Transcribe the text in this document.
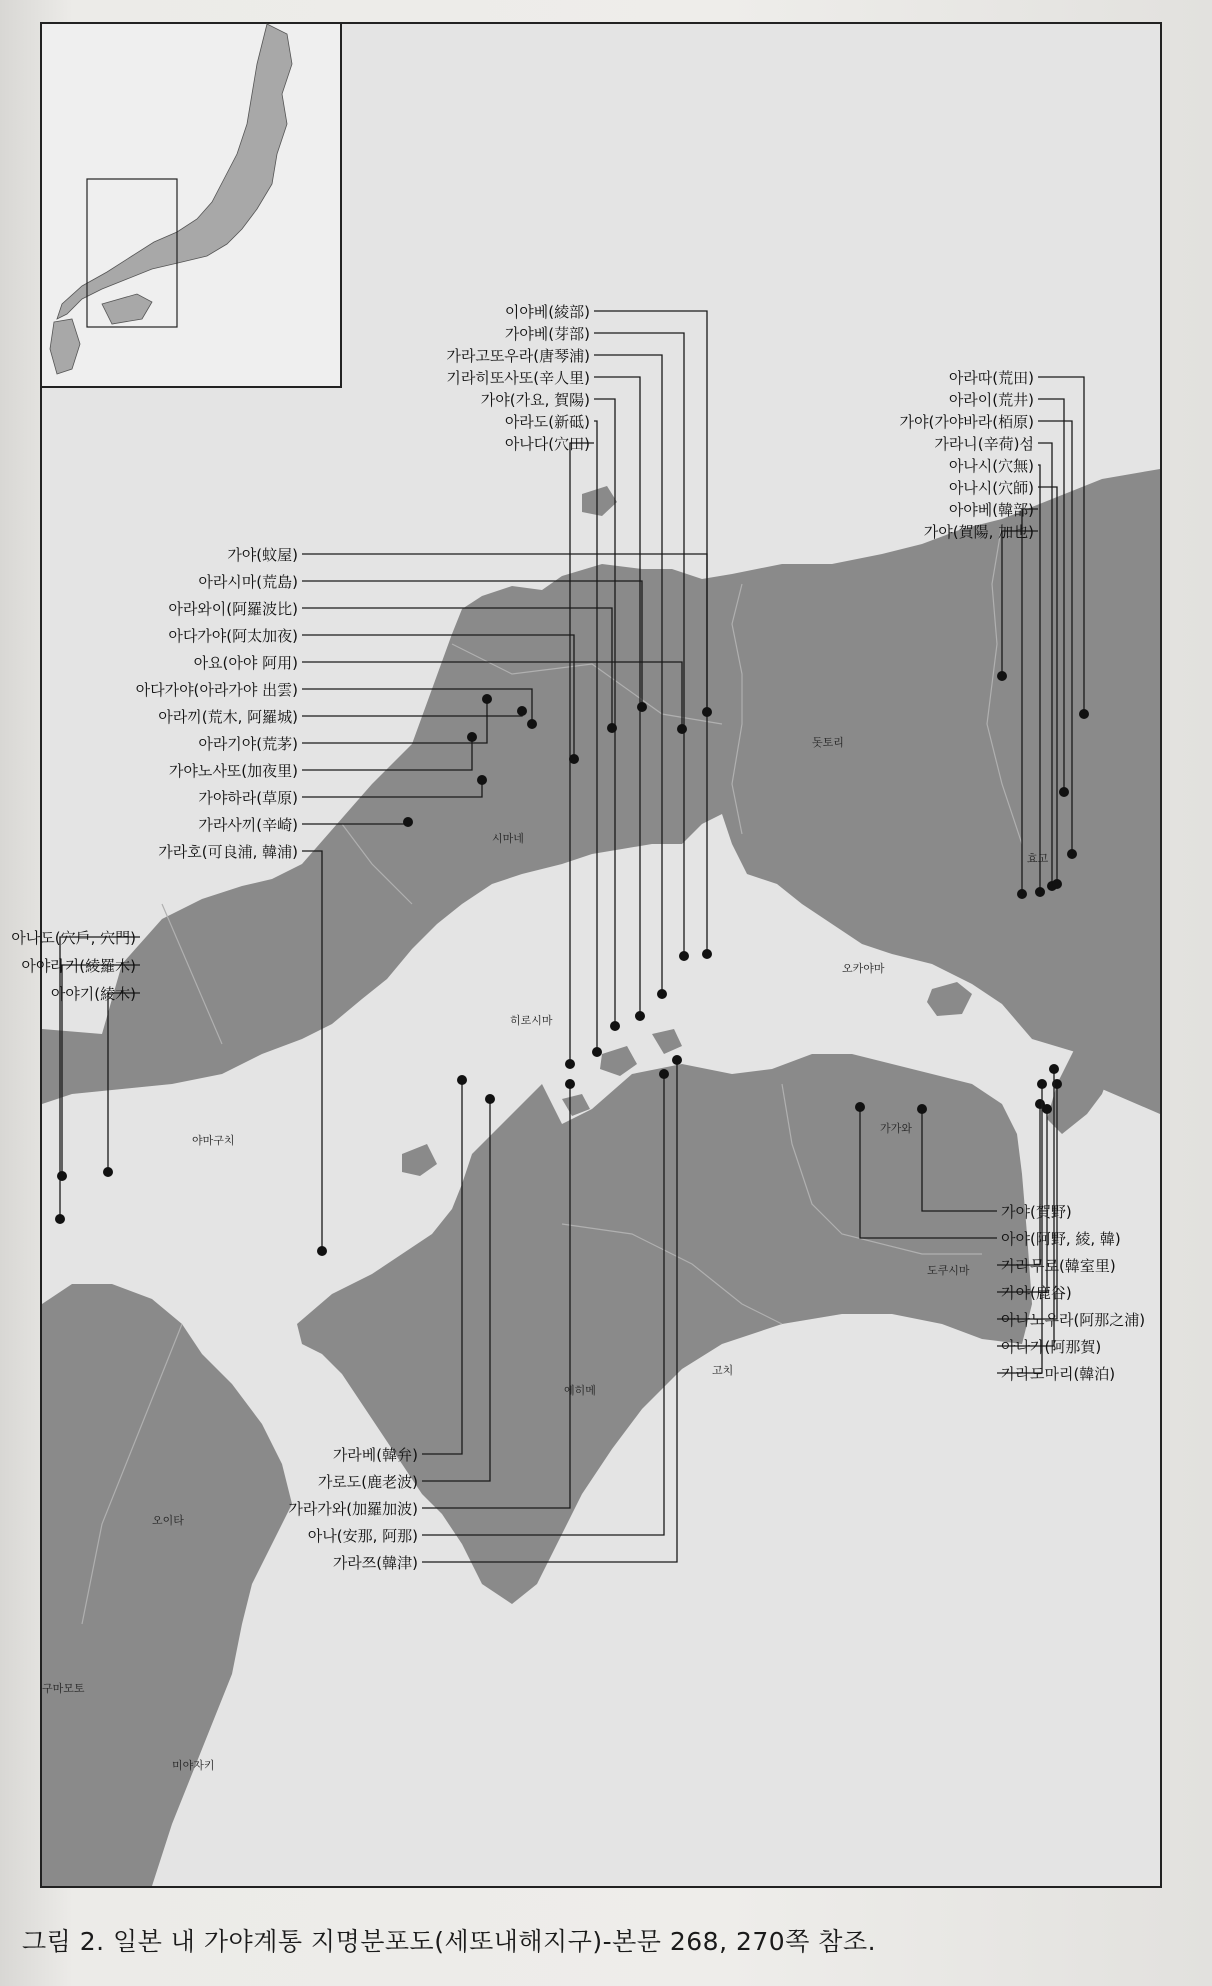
시마네
돗토리
효고
히로시마
오카야마
야마구치
가가와
도쿠시마
에히메
고치
오이타
미야자키
구마모토
이야베(綾部)
가야베(芽部)
가라고또우라(唐琴浦)
기라히또사또(辛人里)
가야(가요, 賀陽)
아라도(新砥)
아나다(穴田)
아라따(荒田)
아라이(荒井)
가야(가야바라(栢原)
가라니(辛荷)섬
아나시(穴無)
아나시(穴師)
아야베(韓部)
가야(賀陽, 加也)
가야(蚊屋)
아라시마(荒島)
아라와이(阿羅波比)
아다가야(阿太加夜)
아요(아야 阿用)
아다가야(아라가야 出雲)
아라끼(荒木, 阿羅城)
아라기야(荒茅)
가야노사또(加夜里)
가야하라(草原)
가라사끼(辛崎)
가라호(可良浦, 韓浦)
아나도(穴戶, 穴門)
아야라기(綾羅木)
아야기(綾木)
가야(賀野)
아야(阿野, 綾, 韓)
가라무로(韓室里)
가야(鹿谷)
아나노우라(阿那之浦)
아나가(阿那賀)
가라도마리(韓泊)
가라베(韓弁)
가로도(鹿老波)
가라가와(加羅加波)
아나(安那, 阿那)
가라쯔(韓津)
그림 2. 일본 내 가야계통 지명분포도(세또내해지구)-본문 268, 270쪽 참조.
